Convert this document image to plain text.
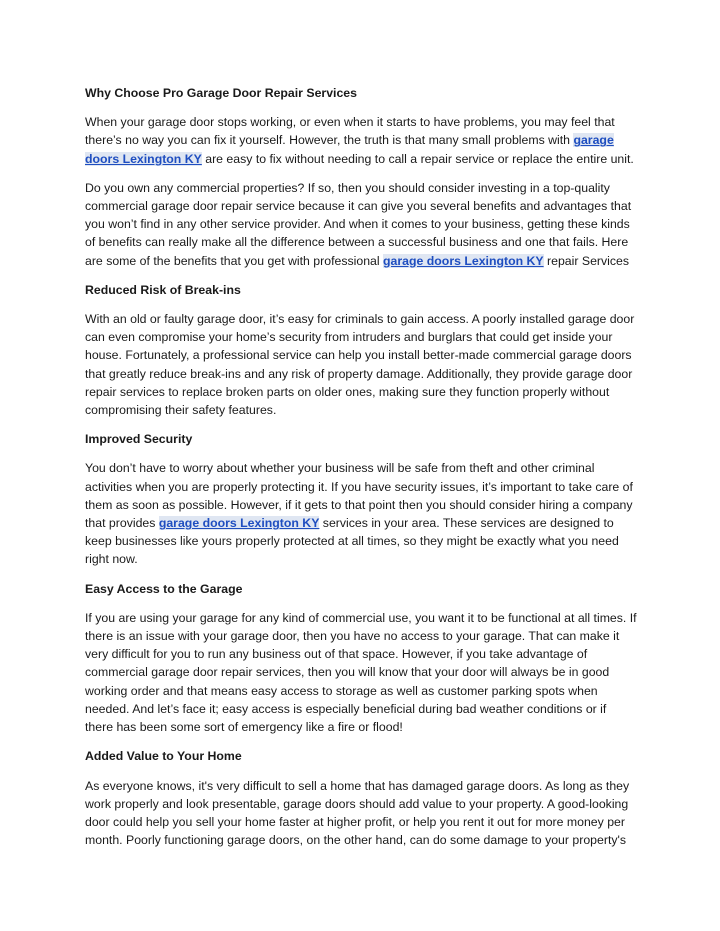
Why Choose Pro Garage Door Repair Services

When your garage door stops working, or even when it starts to have problems, you may feel that there’s no way you can fix it yourself. However, the truth is that many small problems with garage doors Lexington KY are easy to fix without needing to call a repair service or replace the entire unit.

Do you own any commercial properties? If so, then you should consider investing in a top-quality commercial garage door repair service because it can give you several benefits and advantages that you won’t find in any other service provider. And when it comes to your business, getting these kinds of benefits can really make all the difference between a successful business and one that fails. Here are some of the benefits that you get with professional garage doors Lexington KY repair Services

Reduced Risk of Break-ins

With an old or faulty garage door, it’s easy for criminals to gain access. A poorly installed garage door can even compromise your home’s security from intruders and burglars that could get inside your house. Fortunately, a professional service can help you install better-made commercial garage doors that greatly reduce break-ins and any risk of property damage. Additionally, they provide garage door repair services to replace broken parts on older ones, making sure they function properly without compromising their safety features.

Improved Security

You don’t have to worry about whether your business will be safe from theft and other criminal activities when you are properly protecting it. If you have security issues, it’s important to take care of them as soon as possible. However, if it gets to that point then you should consider hiring a company that provides garage doors Lexington KY services in your area. These services are designed to keep businesses like yours properly protected at all times, so they might be exactly what you need right now.

Easy Access to the Garage

If you are using your garage for any kind of commercial use, you want it to be functional at all times. If there is an issue with your garage door, then you have no access to your garage. That can make it very difficult for you to run any business out of that space. However, if you take advantage of commercial garage door repair services, then you will know that your door will always be in good working order and that means easy access to storage as well as customer parking spots when needed. And let’s face it; easy access is especially beneficial during bad weather conditions or if there has been some sort of emergency like a fire or flood!

Added Value to Your Home

As everyone knows, it's very difficult to sell a home that has damaged garage doors. As long as they work properly and look presentable, garage doors should add value to your property. A good-looking door could help you sell your home faster at higher profit, or help you rent it out for more money per month. Poorly functioning garage doors, on the other hand, can do some damage to your property's
